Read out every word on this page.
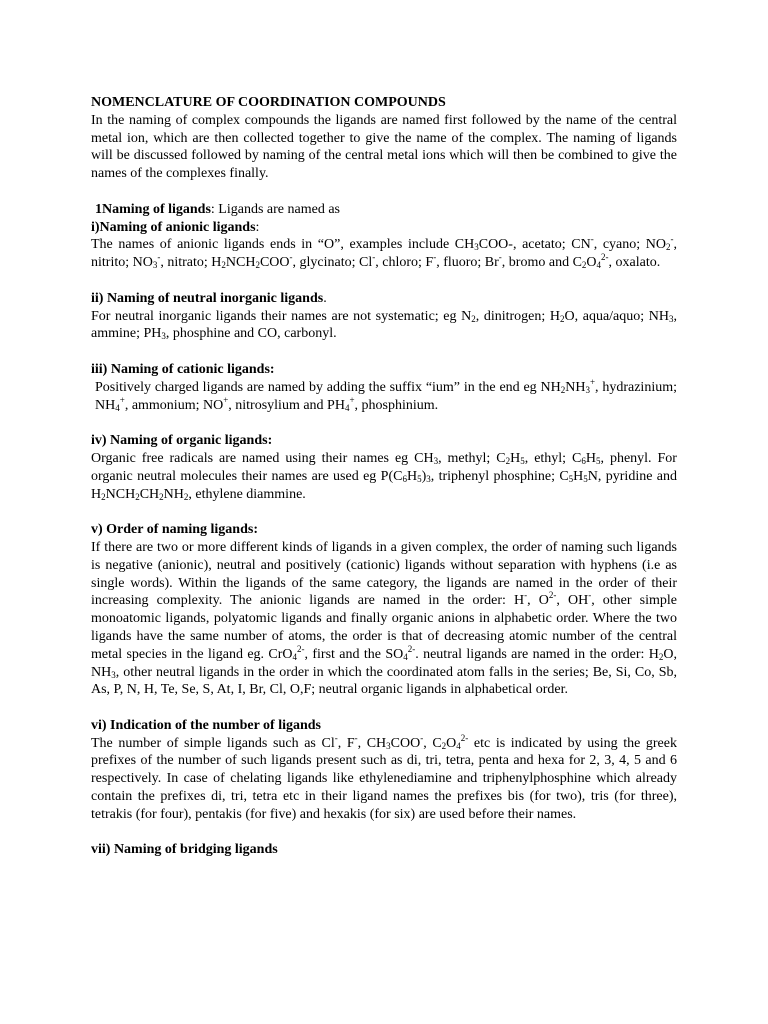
NOMENCLATURE OF COORDINATION COMPOUNDS

In the naming of complex compounds the ligands are named first followed by the name of the central metal ion, which are then collected together to give the name of the complex. The naming of ligands will be discussed followed by naming of the central metal ions which will then be combined to give the names of the complexes finally.

1Naming of ligands: Ligands are named as

i)Naming of anionic ligands:

The names of anionic ligands ends in “O”, examples include $CH_3COO-$, acetato; CN-, cyano; $NO_2^-$, nitrito; $NO_3^-$, nitrato; $H_2NCH_2COO^-$, glycinato; Cl-, chloro; F-, fluoro; Br-, bromo and $C_2O_4^{2-}$, oxalato.

ii) Naming of neutral inorganic ligands.

For neutral inorganic ligands their names are not systematic; eg $N_2$, dinitrogen; $H_2O$, aqua/aquo; $NH_3$, ammine; $PH_3$, phosphine and CO, carbonyl.

iii) Naming of cationic ligands:

Positively charged ligands are named by adding the suffix “ium” in the end eg $NH_2NH_3^+$, hydrazinium; $NH_4^+$, ammonium; NO+, nitrosylium and $PH_4^+$, phosphinium.

iv) Naming of organic ligands:

Organic free radicals are named using their names eg $CH_3$, methyl; $C_2H_5$, ethyl; $C_6H_5$, phenyl. For organic neutral molecules their names are used eg $P(C_6H_5)_3$, triphenyl phosphine; $C_5H_5N$, pyridine and $H_2NCH_2CH_2NH_2$, ethylene diammine.

v) Order of naming ligands:

If there are two or more different kinds of ligands in a given complex, the order of naming such ligands is negative (anionic), neutral and positively (cationic) ligands without separation with hyphens (i.e as single words). Within the ligands of the same category, the ligands are named in the order of their increasing complexity. The anionic ligands are named in the order: H-, $O^{2-}$, OH-, other simple monoatomic ligands, polyatomic ligands and finally organic anions in alphabetic order. Where the two ligands have the same number of atoms, the order is that of decreasing atomic number of the central metal species in the ligand eg. CrO$_4^{2-}$, first and the $SO_4^{2-}$. neutral ligands are named in the order: $H_2O$, $NH_3$, other neutral ligands in the order in which the coordinated atom falls in the series; Be, Si, Co, Sb, As, P, N, H, Te, Se, S, At, I, Br, Cl, O,F; neutral organic ligands in alphabetical order.

vi) Indication of the number of ligands

The number of simple ligands such as Cl-, F-, $CH_3COO^-$, $C_2O_4^{2-}$ etc is indicated by using the greek prefixes of the number of such ligands present such as di, tri, tetra, penta and hexa for 2, 3, 4, 5 and 6 respectively. In case of chelating ligands like ethylenediamine and triphenylphosphine which already contain the prefixes di, tri, tetra etc in their ligand names the prefixes bis (for two), tris (for three), tetrakis (for four), pentakis (for five) and hexakis (for six) are used before their names.

vii) Naming of bridging ligands
